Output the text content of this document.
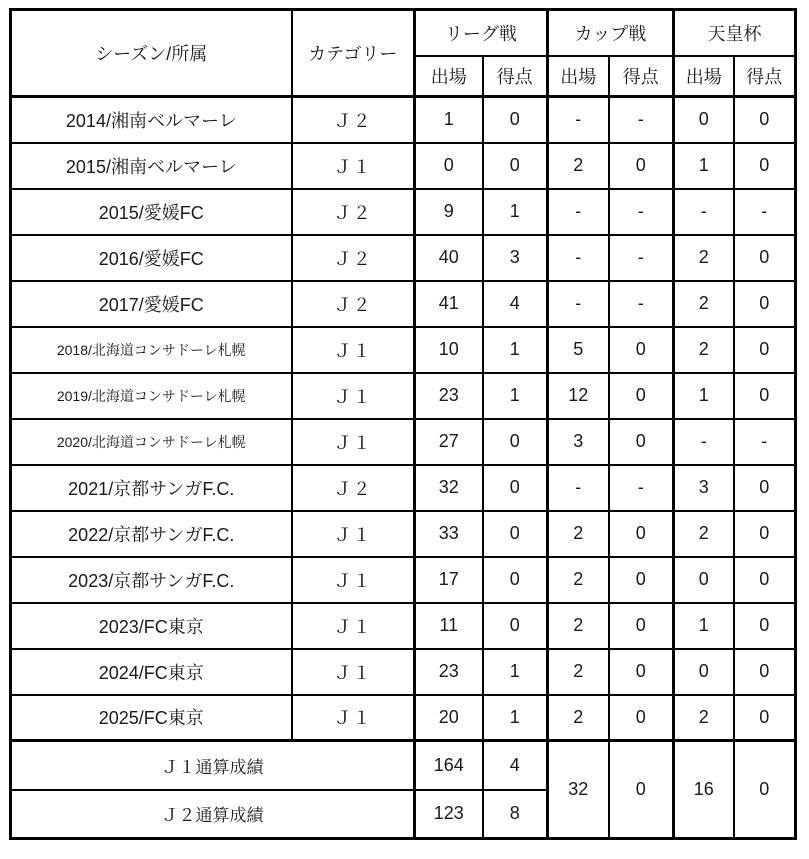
シーズン/所属	カテゴリー	リーグ戦		カップ戦		天皇杯	
		出場	得点	出場	得点	出場	得点
2014/湘南ベルマーレ	Ｊ２	1	0	-	-	0	0
2015/湘南ベルマーレ	Ｊ１	0	0	2	0	1	0
2015/愛媛FC	Ｊ２	9	1	-	-	-	-
2016/愛媛FC	Ｊ２	40	3	-	-	2	0
2017/愛媛FC	Ｊ２	41	4	-	-	2	0
2018/北海道コンサドーレ札幌	Ｊ１	10	1	5	0	2	0
2019/北海道コンサドーレ札幌	Ｊ１	23	1	12	0	1	0
2020/北海道コンサドーレ札幌	Ｊ１	27	0	3	0	-	-
2021/京都サンガF.C.	Ｊ２	32	0	-	-	3	0
2022/京都サンガF.C.	Ｊ１	33	0	2	0	2	0
2023/京都サンガF.C.	Ｊ１	17	0	2	0	0	0
2023/FC東京	Ｊ１	11	0	2	0	1	0
2024/FC東京	Ｊ１	23	1	2	0	0	0
2025/FC東京	Ｊ１	20	1	2	0	2	0
Ｊ１通算成績		164	4	32	0	16	0
Ｊ２通算成績		123	8				
